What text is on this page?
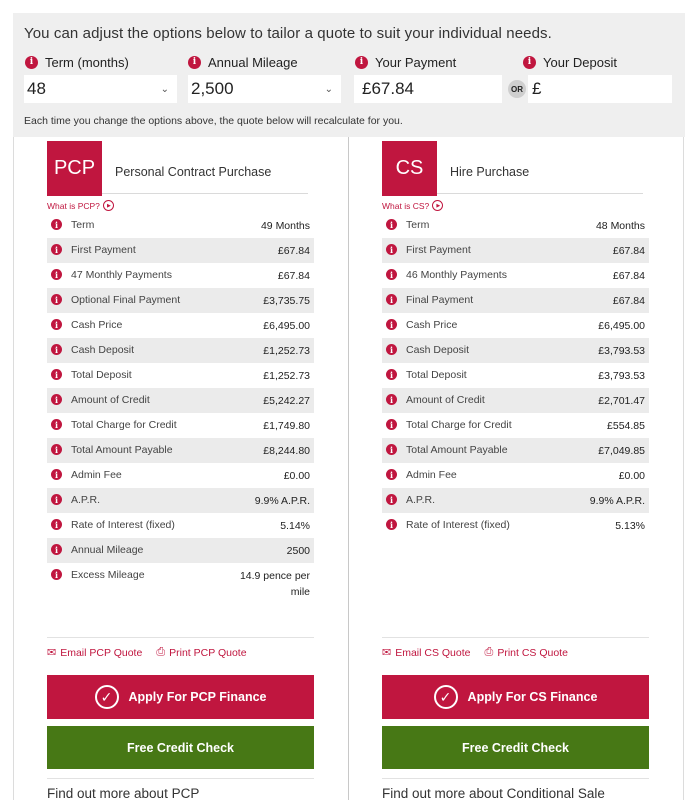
You can adjust the options below to tailor a quote to suit your individual needs.
i Term (months)
48	⌄
i Annual Mileage
2,500	⌄
i Your Payment
£67.84	OR
i Your Deposit
£
Each time you change the options above, the quote below will recalculate for you.
PCP	Personal Contract Purchase
What is PCP?	▶
i	Term	49 Months
i	First Payment	£67.84
i	47 Monthly Payments	£67.84
i	Optional Final Payment	£3,735.75
i	Cash Price	£6,495.00
i	Cash Deposit	£1,252.73
i	Total Deposit	£1,252.73
i	Amount of Credit	£5,242.27
i	Total Charge for Credit	£1,749.80
i	Total Amount Payable	£8,244.80
i	Admin Fee	£0.00
i	A.P.R.	9.9% A.P.R.
i	Rate of Interest (fixed)	5.14%
i	Annual Mileage	2500
i	Excess Mileage	14.9 pence per mile
✉ Email PCP Quote ⎙ Print PCP Quote
✓	Apply For PCP Finance
Free Credit Check
Find out more about PCP
CS	Hire Purchase
What is CS?	▶
i	Term	48 Months
i	First Payment	£67.84
i	46 Monthly Payments	£67.84
i	Final Payment	£67.84
i	Cash Price	£6,495.00
i	Cash Deposit	£3,793.53
i	Total Deposit	£3,793.53
i	Amount of Credit	£2,701.47
i	Total Charge for Credit	£554.85
i	Total Amount Payable	£7,049.85
i	Admin Fee	£0.00
i	A.P.R.	9.9% A.P.R.
i	Rate of Interest (fixed)	5.13%
✉ Email CS Quote ⎙ Print CS Quote
✓	Apply For CS Finance
Free Credit Check
Find out more about Conditional Sale
